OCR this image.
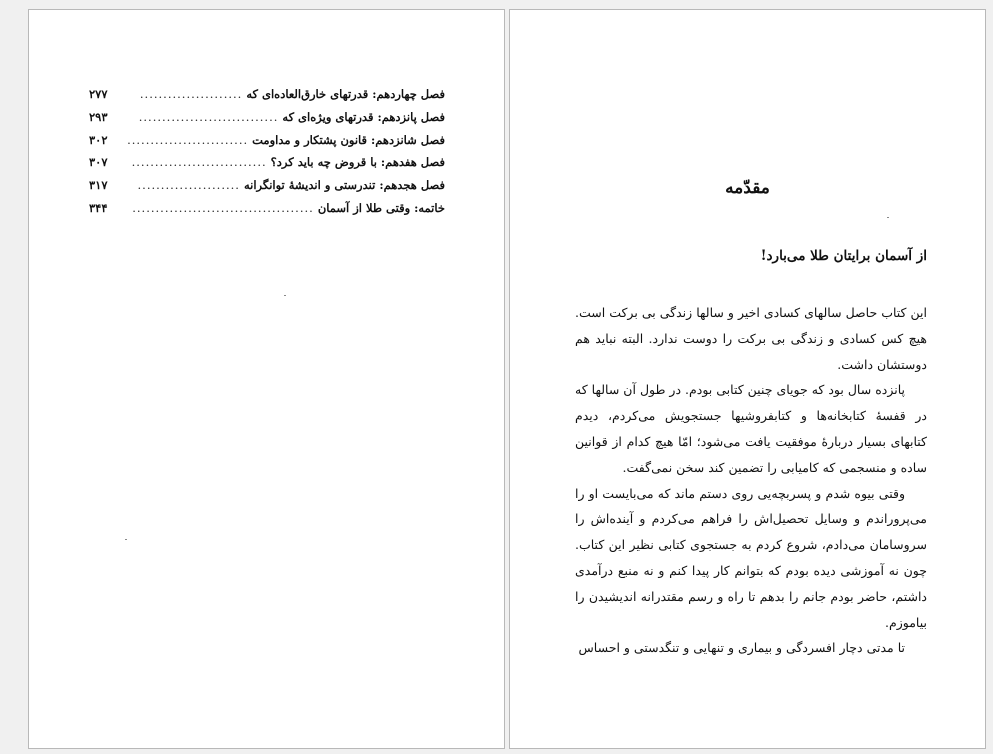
فصل چهاردهم: قدرتهای خارق‌العاده‌ای که
......................
۲۷۷
فصل پانزدهم: قدرتهای ویژه‌ای که
..............................
۲۹۳
فصل شانزدهم: قانون پشتکار و مداومت
..........................
۳۰۲
فصل هفدهم: با قروض چه باید کرد؟
.............................
۳۰۷
فصل هجدهم: تندرستی و اندیشهٔ توانگرانه
......................
۳۱۷
خاتمه: وقتی طلا از آسمان
.......................................
۳۴۴
مقدّمه
از آسمان برایتان طلا می‌بارد!

این کتاب حاصل سالهای کسادی اخیر و سالها زندگی بی برکت است. هیچ کس کسادی و زندگی بی برکت را دوست ندارد. البته نباید هم دوستشان داشت.

پانزده سال بود که جویای چنین کتابی بودم. در طول آن سالها که در قفسهٔ کتابخانه‌ها و کتابفروشیها جستجویش می‌کردم، دیدم کتابهای بسیار دربارهٔ موفقیت یافت می‌شود؛ امّا هیچ کدام از قوانین ساده و منسجمی که کامیابی را تضمین کند سخن نمی‌گفت.

وقتی بیوه شدم و پسربچه‌یی روی دستم ماند که می‌بایست او را می‌پروراندم و وسایل تحصیل‌اش را فراهم می‌کردم و آینده‌اش را سروسامان می‌دادم، شروع کردم به جستجوی کتابی نظیر این کتاب. چون نه آموزشی دیده بودم که بتوانم کار پیدا کنم و نه منبع درآمدی داشتم، حاضر بودم جانم را بدهم تا راه و رسم مقتدرانه اندیشیدن را بیاموزم.

تا مدتی دچار افسردگی و بیماری و تنهایی و تنگدستی و احساس
